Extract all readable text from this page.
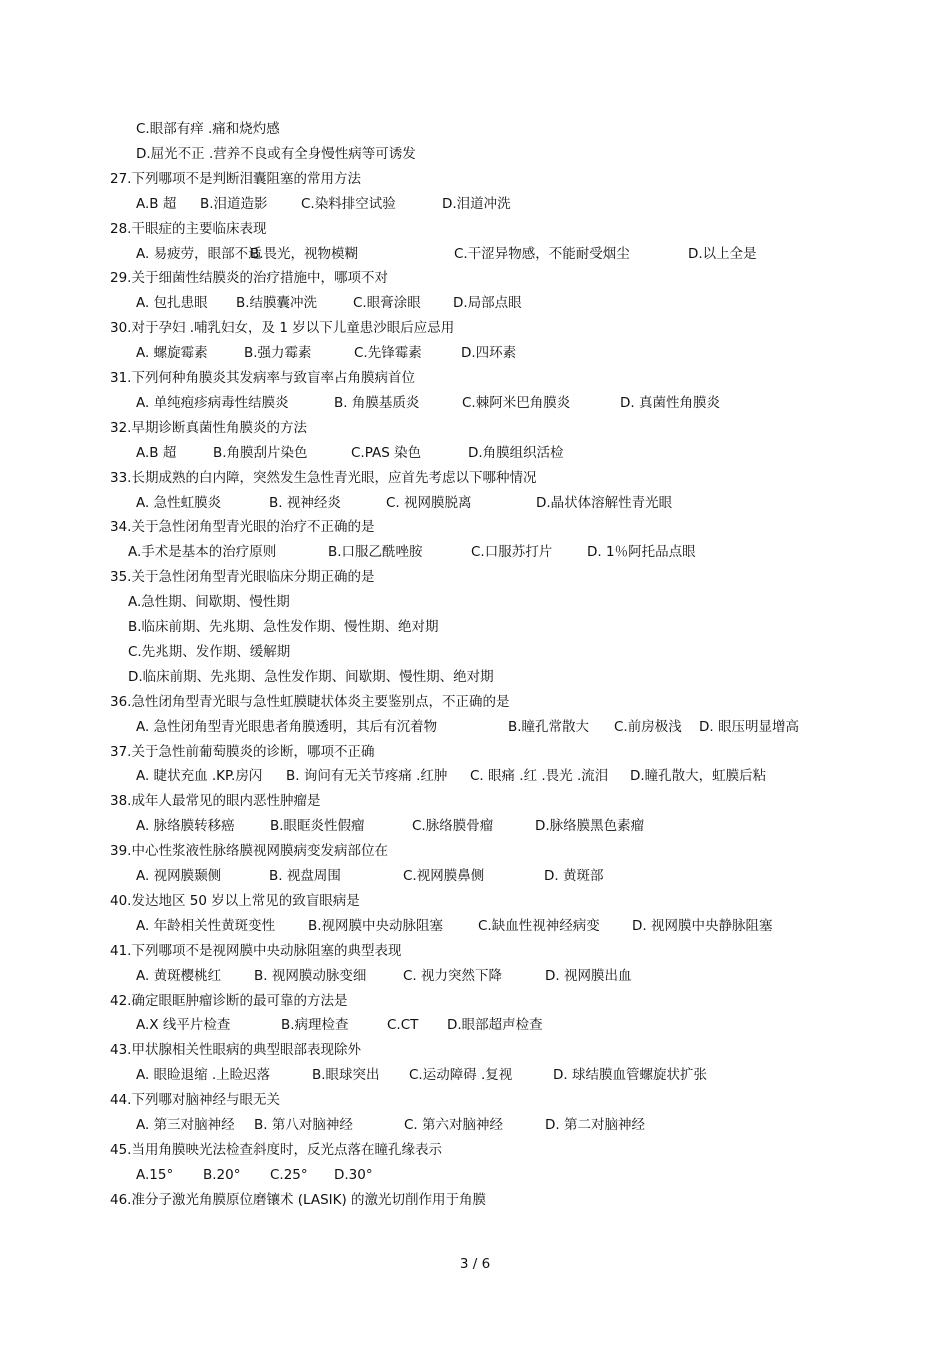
C.眼部有痒 .痛和烧灼感
D.屈光不正 .营养不良或有全身慢性病等可诱发
27.下列哪项不是判断泪囊阻塞的常用方法
A.B 超 B.泪道造影 C.染料排空试验	D.泪道冲洗
28.干眼症的主要临床表现
A. 易疲劳，眼部不适
B.畏光，视物模糊	C.干涩异物感，不能耐受烟尘	D.以上全是
29.关于细菌性结膜炎的治疗措施中，哪项不对
A. 包扎患眼 B.结膜囊冲洗	C.眼膏涂眼 D.局部点眼
30.对于孕妇 .哺乳妇女，及 1 岁以下儿童患沙眼后应忌用
A. 螺旋霉素	B.强力霉素	C.先锋霉素	D.四环素
31.下列何种角膜炎其发病率与致盲率占角膜病首位
A. 单纯疱疹病毒性结膜炎	B. 角膜基质炎	C.棘阿米巴角膜炎	D. 真菌性角膜炎
32.早期诊断真菌性角膜炎的方法
A.B 超	B.角膜刮片染色	C.PAS 染色	D.角膜组织活检
33.长期成熟的白内障，突然发生急性青光眼，应首先考虑以下哪种情况
A. 急性虹膜炎	B. 视神经炎	C. 视网膜脱离	D.晶状体溶解性青光眼
34.关于急性闭角型青光眼的治疗不正确的是
A.手术是基本的治疗原则	B.口服乙酰唑胺	C.口服苏打片	D. 1％阿托品点眼
35.关于急性闭角型青光眼临床分期正确的是
A.急性期、间歇期、慢性期
B.临床前期、先兆期、急性发作期、慢性期、绝对期
C.先兆期、发作期、缓解期
D.临床前期、先兆期、急性发作期、间歇期、慢性期、绝对期
36.急性闭角型青光眼与急性虹膜睫状体炎主要鉴别点，不正确的是
A. 急性闭角型青光眼患者角膜透明，其后有沉着物	B.瞳孔常散大 C.前房极浅 D. 眼压明显增高
37.关于急性前葡萄膜炎的诊断，哪项不正确
A. 睫状充血 .KP.房闪 B. 询问有无关节疼痛 .红肿 C. 眼痛 .红 .畏光 .流泪 D.瞳孔散大，虹膜后粘
38.成年人最常见的眼内恶性肿瘤是
A. 脉络膜转移癌	B.眼眶炎性假瘤	C.脉络膜骨瘤	D.脉络膜黑色素瘤
39.中心性浆液性脉络膜视网膜病变发病部位在
A. 视网膜颞侧	B. 视盘周围	C.视网膜鼻侧	D. 黄斑部
40.发达地区 50 岁以上常见的致盲眼病是
A. 年龄相关性黄斑变性 B.视网膜中央动脉阻塞	C.缺血性视神经病变 D. 视网膜中央静脉阻塞
41.下列哪项不是视网膜中央动脉阻塞的典型表现
A. 黄斑樱桃红 B. 视网膜动脉变细	C. 视力突然下降	D. 视网膜出血
42.确定眼眶肿瘤诊断的最可靠的方法是
A.X 线平片检查	B.病理检查	C.CT D.眼部超声检查
43.甲状腺相关性眼病的典型眼部表现除外
A. 眼睑退缩 .上睑迟落	B.眼球突出 C.运动障碍 .复视	D. 球结膜血管螺旋状扩张
44.下列哪对脑神经与眼无关
A. 第三对脑神经 B. 第八对脑神经	C. 第六对脑神经	D. 第二对脑神经
45.当用角膜映光法检查斜度时，反光点落在瞳孔缘表示
A.15° B.20° C.25° D.30°
46.准分子激光角膜原位磨镶术 (LASIK) 的激光切削作用于角膜
3 / 6
